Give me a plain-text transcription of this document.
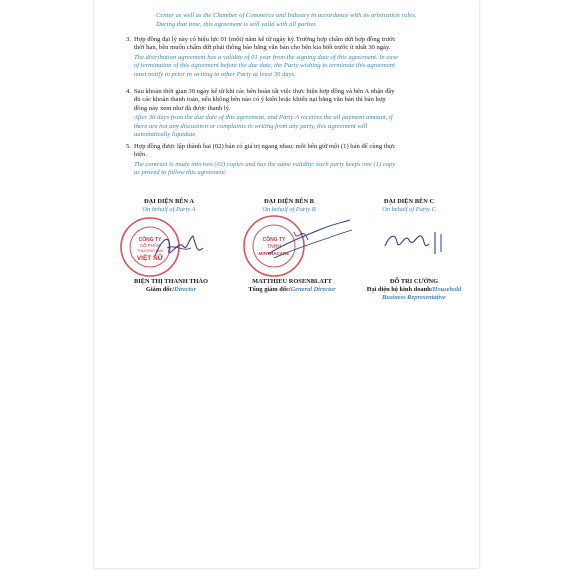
Center as well as the Chamber of Commerce and Industry in accordance with its arbitration rules.
During that time, this agreement is still valid with all parties
3. Hợp đồng đại lý này có hiệu lực 01 (một) năm kể từ ngày ký.Trường hợp chấm dứt hợp đồng trước
thời hạn, bên muốn chấm dứt phải thông báo bằng văn bản cho bên kia biết trước ít nhất 30 ngày.
The distribution agreement has a validity of 01 year from the signing date of this agreement. In case
of termination of this agreement before the due date, the Party wishing to terminate this agreement
must notify in prior in writing to other Party at least 30 days.
4. Sau khoản thời gian 30 ngày kể từ khi các bên hoàn tất việc thực hiện hợp đồng và bên A nhận đầy
đủ các khoản thanh toán, nếu không bên nào có ý kiến hoặc khiếu nại bằng văn bản thì bản hợp
đồng này xem như đã được thanh lý.
After 30 days from the due date of this agreement, and Party A receives the all payment amount, if
there are not any discussion or complaints in writing from any party, this agreement will
automatically liquidate.
5. Hợp đồng được lập thành hai (02) bản có giá trị ngang nhau: mỗi bên giữ một (1) bản để cùng thực
hiện.
The contract is made into two (02) copies and has the same validity: each party keeps one (1) copy
as proved to follow this agreement.
ĐẠI DIỆN BÊN A
On behalf of Party A
ĐẠI DIỆN BÊN B
On behalf of Party B
ĐẠI DIỆN BÊN C
On behalf of Party C
CÔNG TY
CỔ PHẦN
THƯƠNG MẠI
VIỆT NỮ
CÔNG TY
TNHH
MINTHACARE
BIỆN THỊ THANH THẢO
Giám đốc/Director
MATTHIEU ROSENBLATT
Tổng giám đốc/General Director
ĐỖ TRI CƯỜNG
Đại diện hộ kinh doanh/Household Business Representative
